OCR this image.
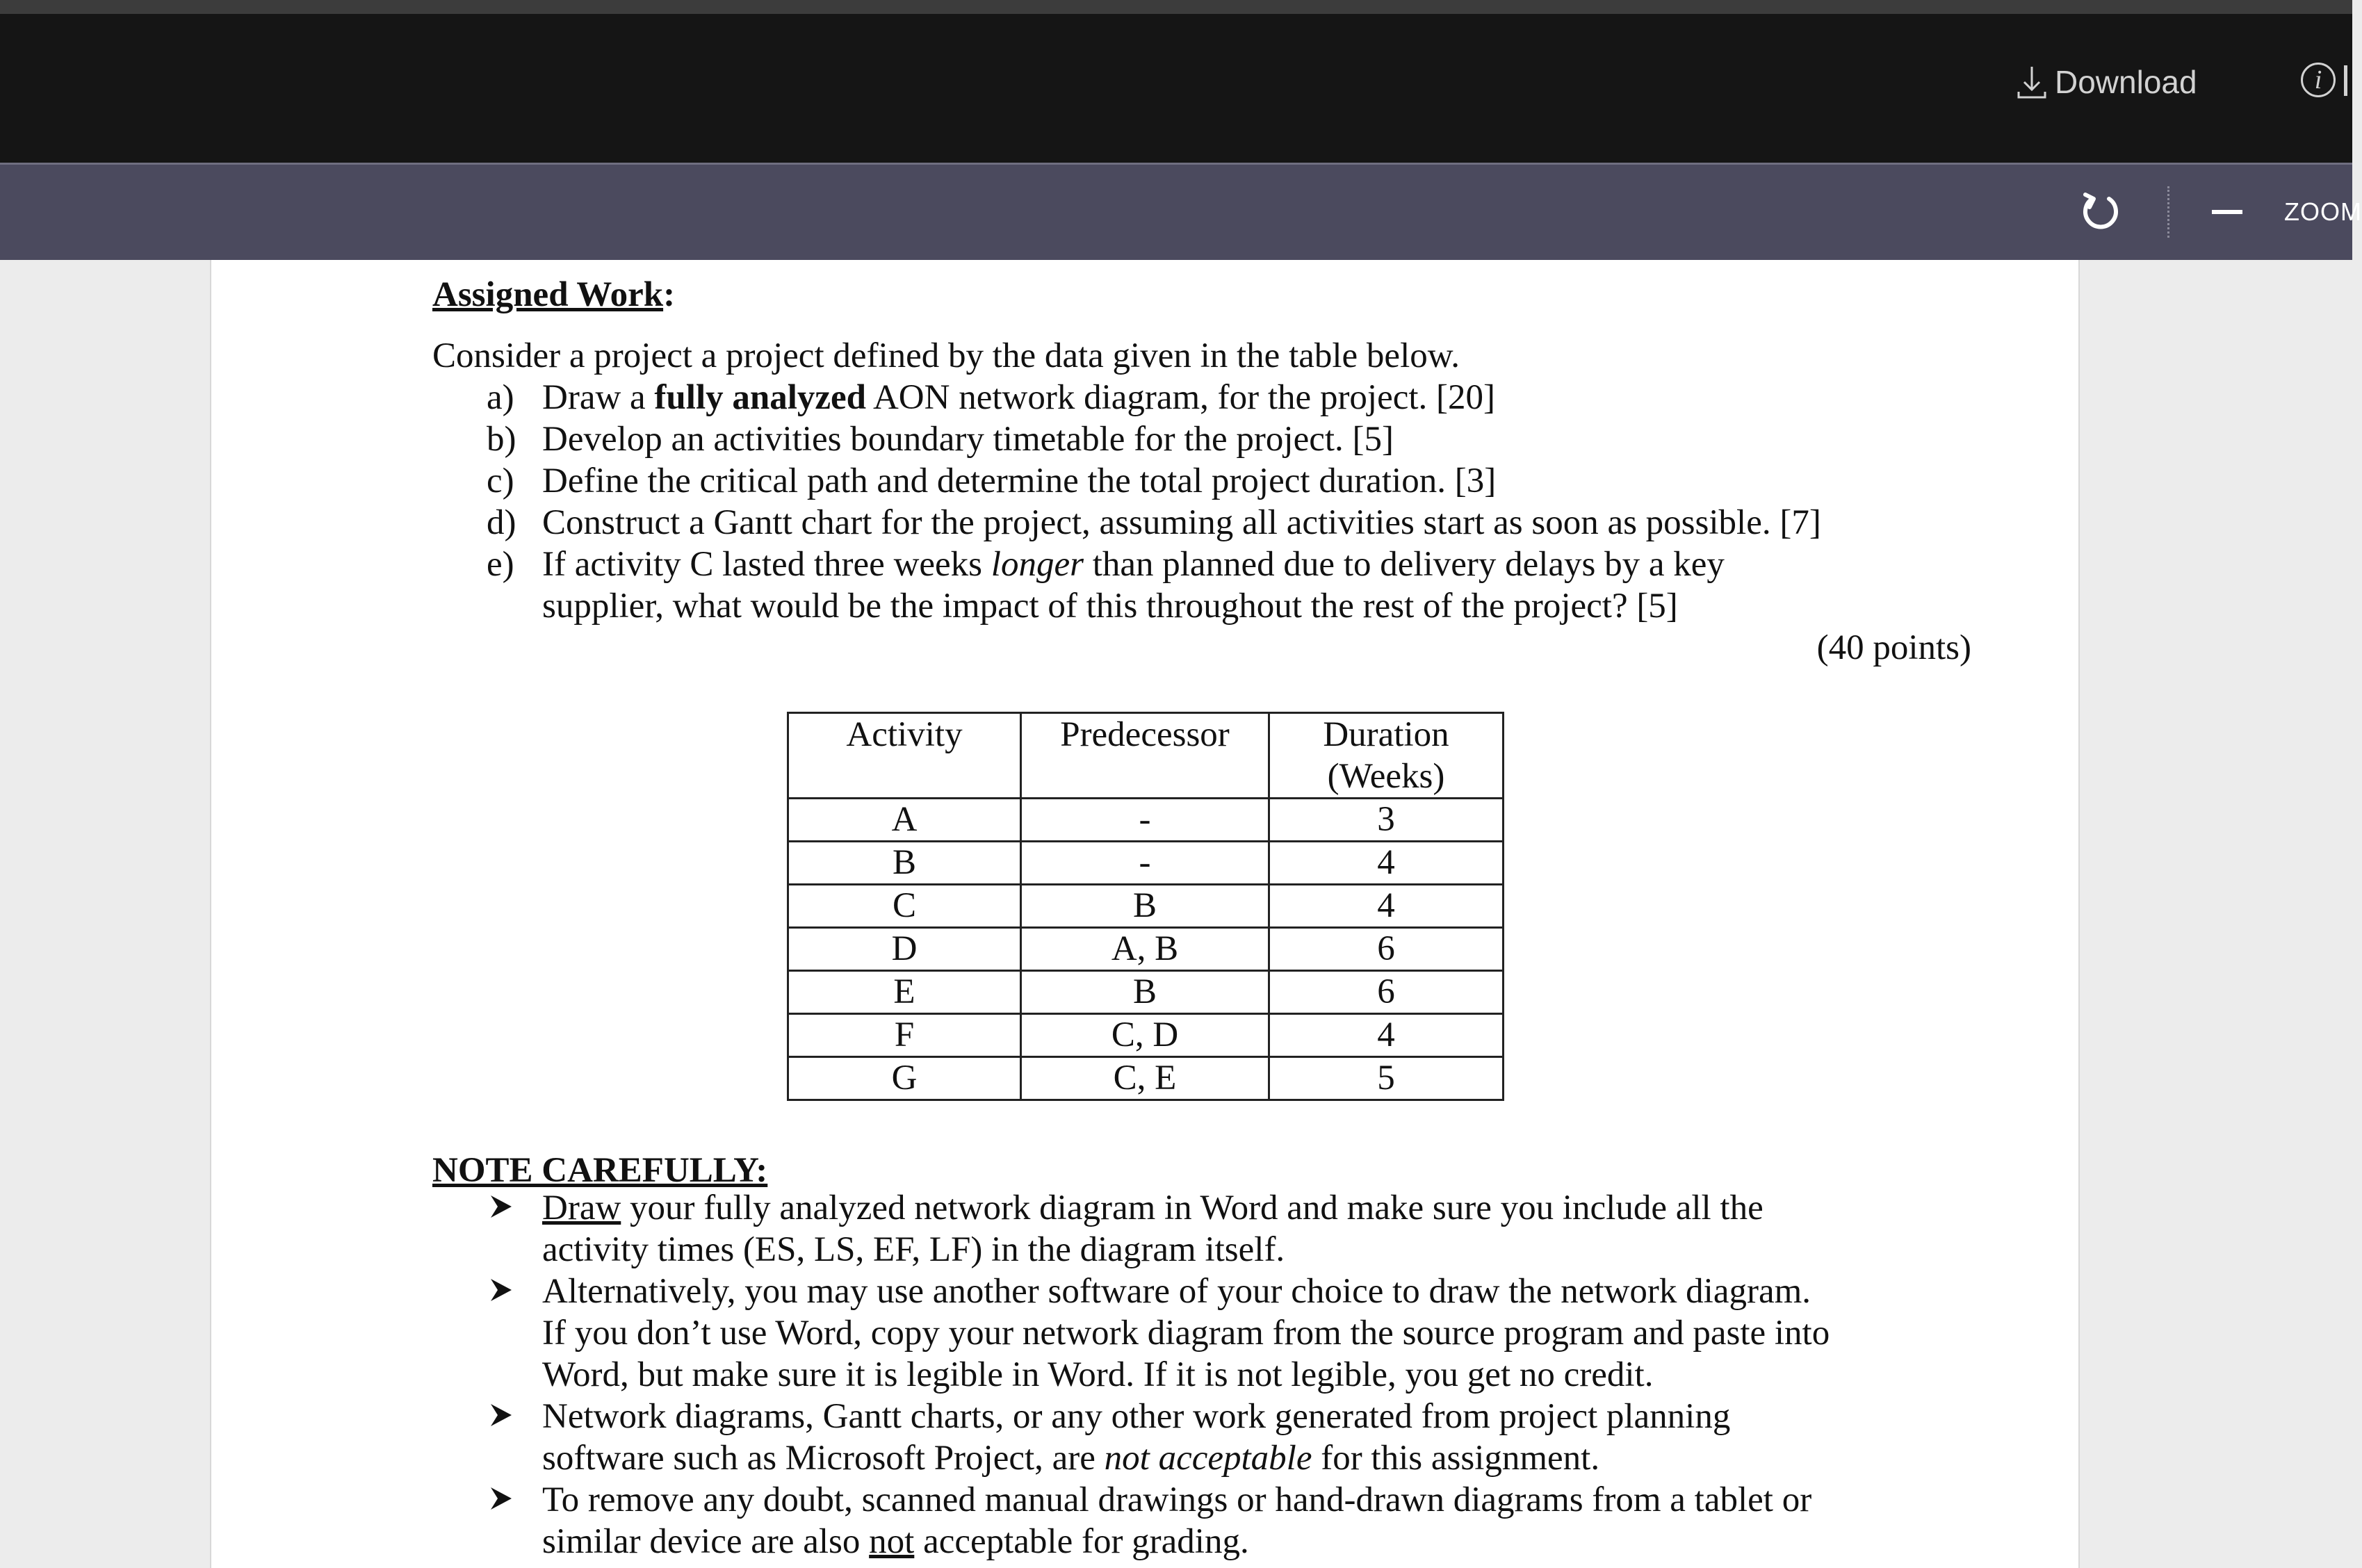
Download	i
ZOOM
Assigned Work:
Consider a project a project defined by the data given in the table below.
a) Draw a fully analyzed AON network diagram, for the project. [20]
b) Develop an activities boundary timetable for the project. [5]
c) Define the critical path and determine the total project duration. [3]
d) Construct a Gantt chart for the project, assuming all activities start as soon as possible. [7]
e) If activity C lasted three weeks longer than planned due to delivery delays by a key
supplier, what would be the impact of this throughout the rest of the project? [5]
(40 points)
NOTE CAREFULLY:
Draw your fully analyzed network diagram in Word and make sure you include all the
activity times (ES, LS, EF, LF) in the diagram itself.
Alternatively, you may use another software of your choice to draw the network diagram.
If you don’t use Word, copy your network diagram from the source program and paste into
Word, but make sure it is legible in Word. If it is not legible, you get no credit.
Network diagrams, Gantt charts, or any other work generated from project planning
software such as Microsoft Project, are not acceptable for this assignment.
To remove any doubt, scanned manual drawings or hand-drawn diagrams from a tablet or
similar device are also not acceptable for grading.
Activity	Predecessor	Duration
(Weeks)

A	-	3
B	-	4
C	B	4
D	A, B	6
E	B	6
F	C, D	4
G	C, E	5
